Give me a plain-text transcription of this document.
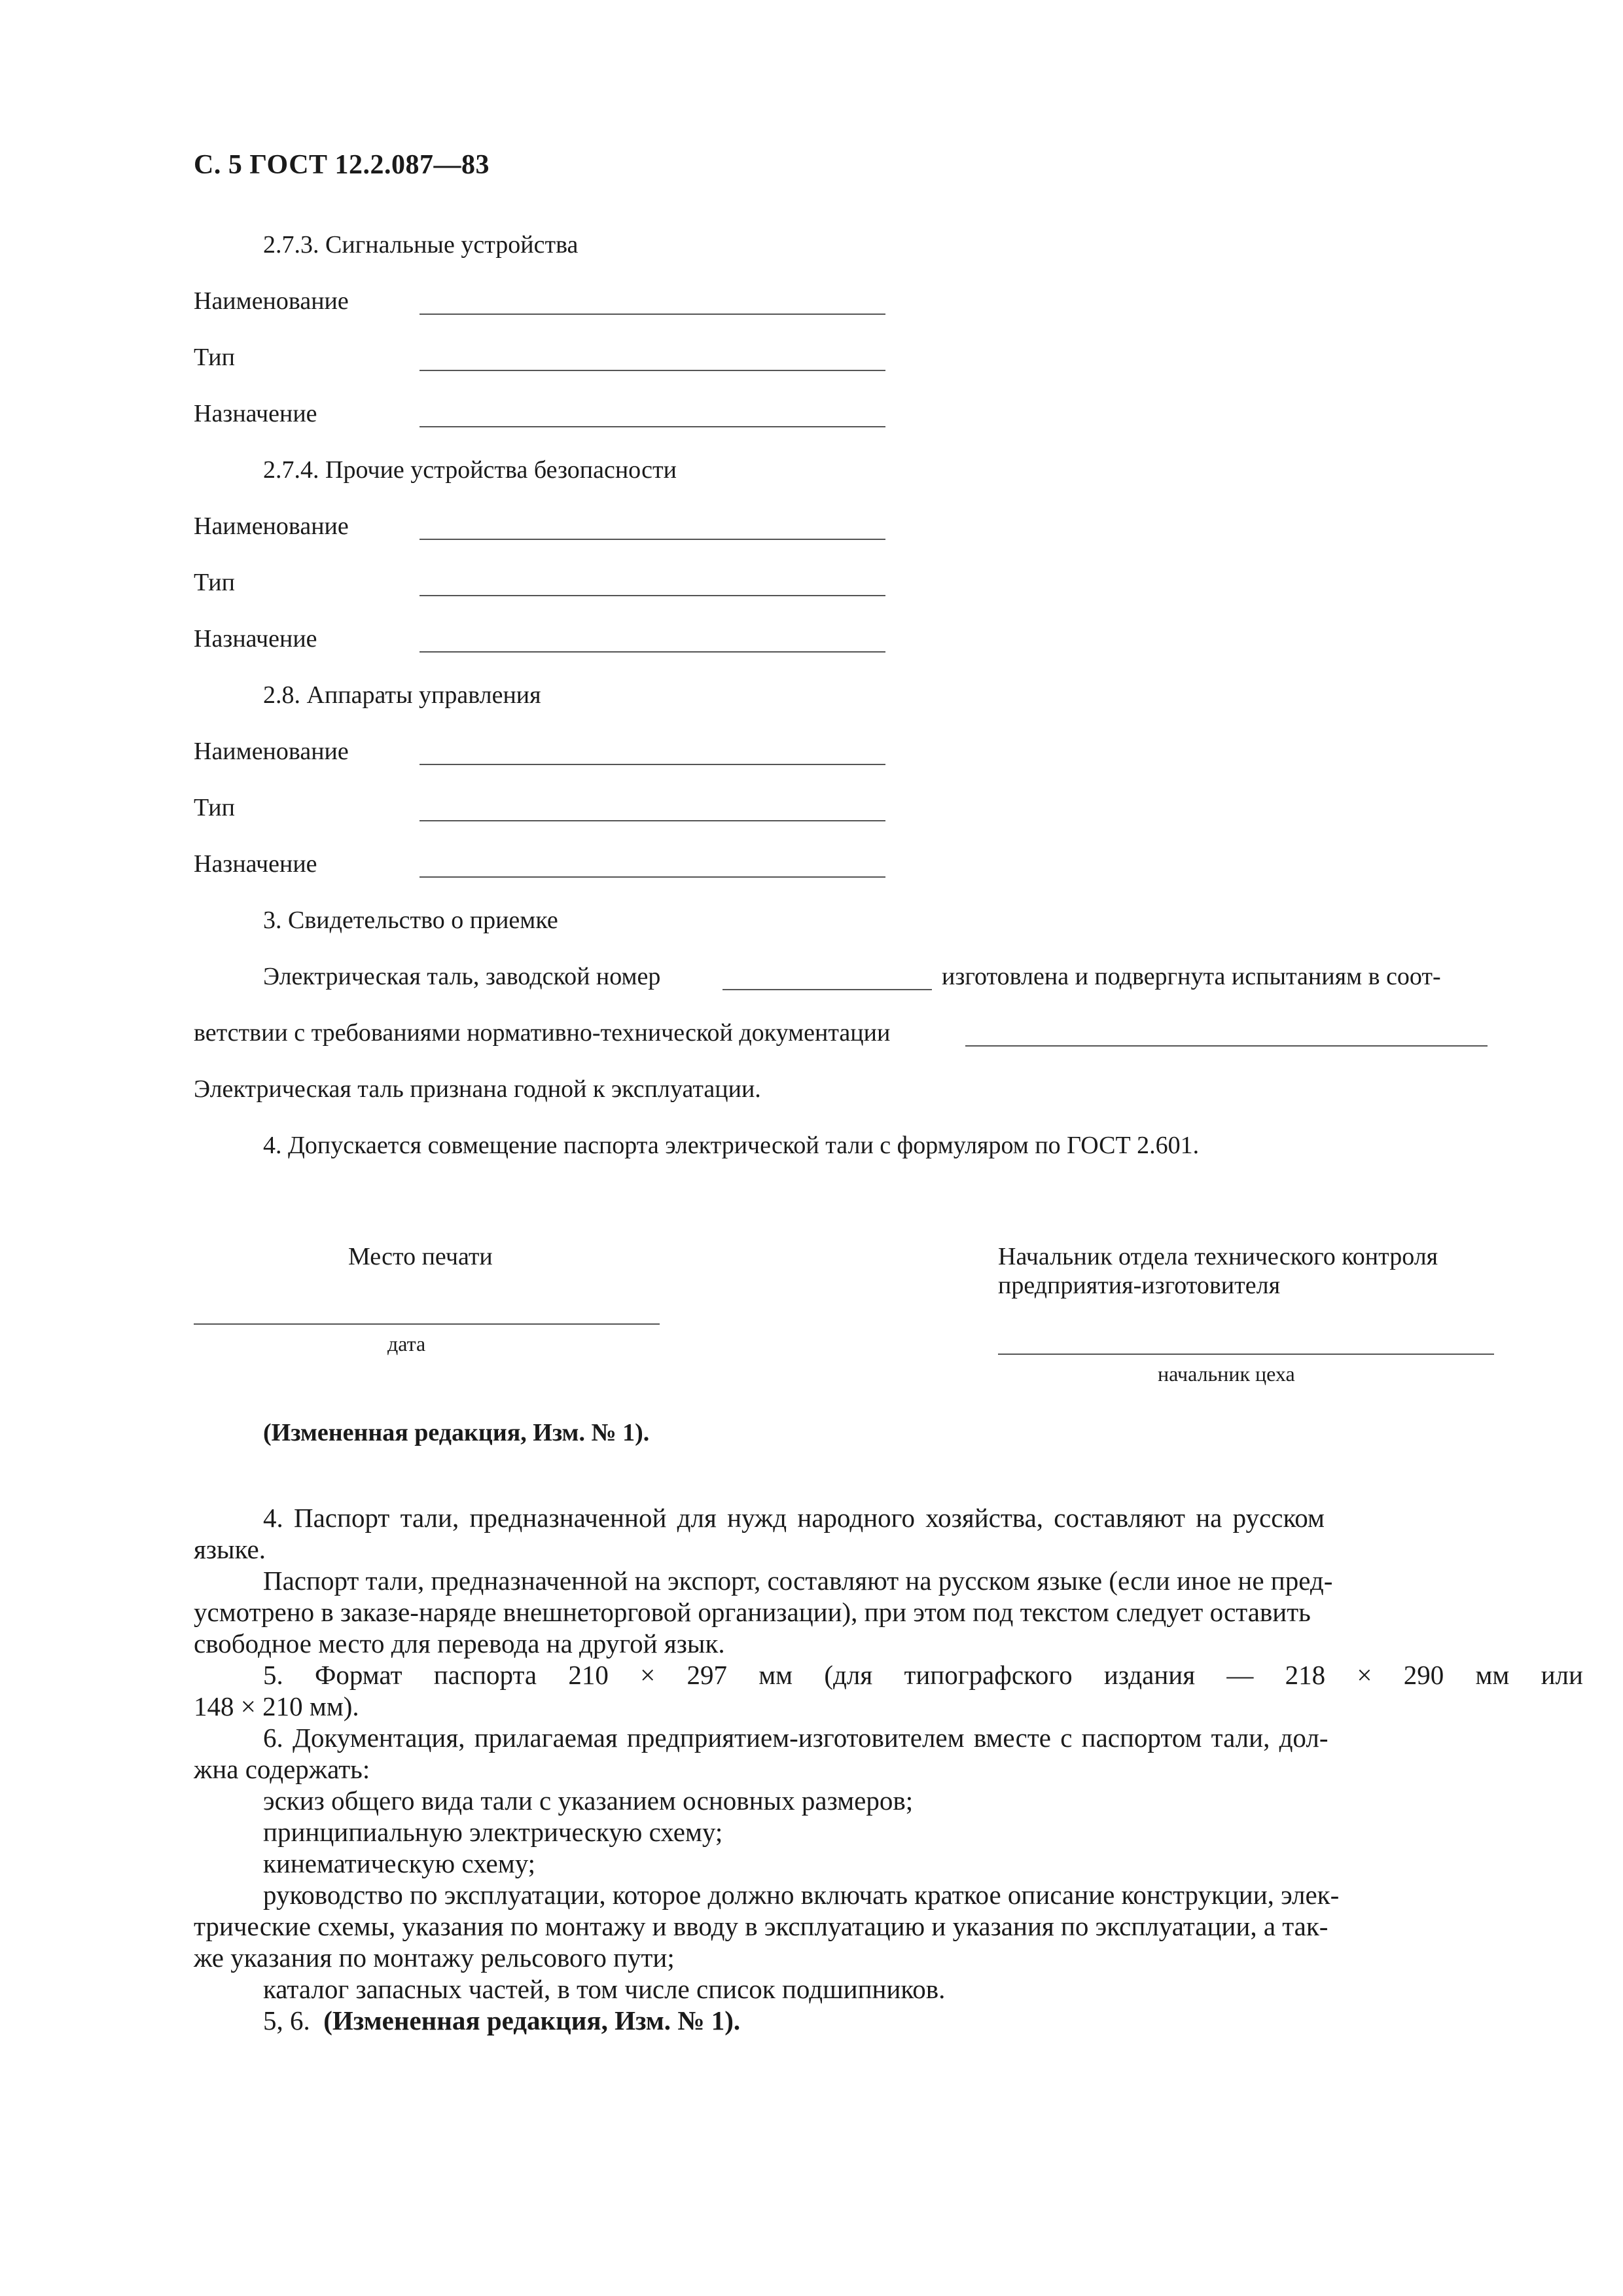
С. 5 ГОСТ 12.2.087—83
2.7.3. Сигнальные устройства
Наименование
Тип
Назначение
2.7.4. Прочие устройства безопасности
Наименование
Тип
Назначение
2.8. Аппараты управления
Наименование
Тип
Назначение
3. Свидетельство о приемке
Электрическая таль, заводской номер	изготовлена и подвергнута испытаниям в соот-
ветствии с требованиями нормативно-технической документации
Электрическая таль признана годной к эксплуатации.
4. Допускается совмещение паспорта электрической тали с формуляром по ГОСТ 2.601.
Место печати
дата
Начальник отдела технического контроля
предприятия-изготовителя
начальник цеха
(Измененная редакция, Изм. № 1).
4. Паспорт тали, предназначенной для нужд народного хозяйства, составляют на русском
языке.
Паспорт тали, предназначенной на экспорт, составляют на русском языке (если иное не пред-
усмотрено в заказе-наряде внешнеторговой организации), при этом под текстом следует оставить
свободное место для перевода на другой язык.
5. Формат паспорта 210 × 297 мм (для типографского издания — 218 × 290 мм или
148 × 210 мм).
6. Документация, прилагаемая предприятием-изготовителем вместе с паспортом тали, дол-
жна содержать:
эскиз общего вида тали с указанием основных размеров;
принципиальную электрическую схему;
кинематическую схему;
руководство по эксплуатации, которое должно включать краткое описание конструкции, элек-
трические схемы, указания по монтажу и вводу в эксплуатацию и указания по эксплуатации, а так-
же указания по монтажу рельсового пути;
каталог запасных частей, в том числе список подшипников.
5, 6. (Измененная редакция, Изм. № 1).
